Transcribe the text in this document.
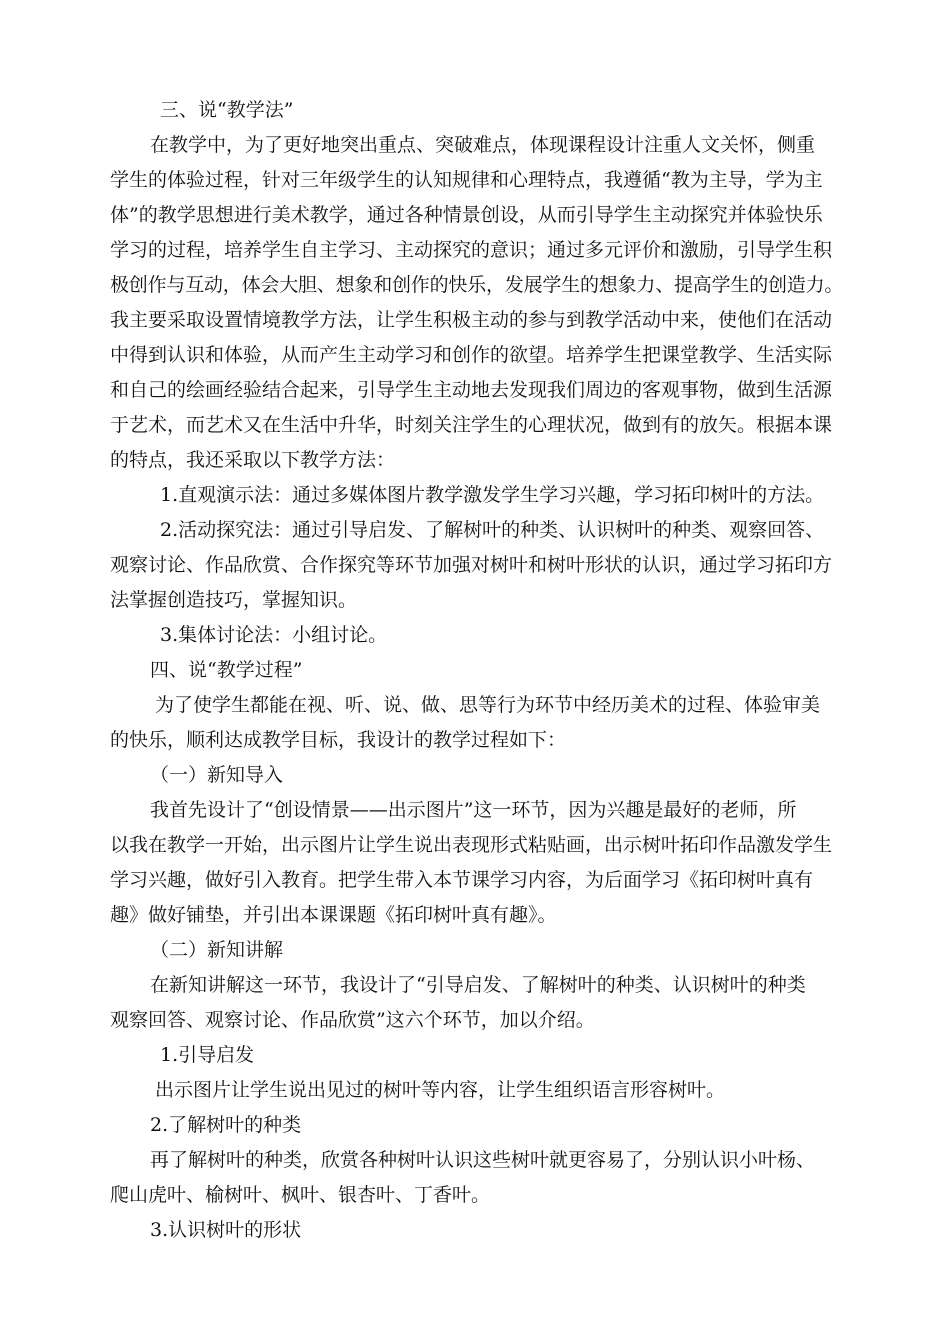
三、说“教学法”
在教学中，为了更好地突出重点、突破难点，体现课程设计注重人文关怀，侧重
学生的体验过程，针对三年级学生的认知规律和心理特点，我遵循“教为主导，学为主
体”的教学思想进行美术教学，通过各种情景创设，从而引导学生主动探究并体验快乐
学习的过程，培养学生自主学习、主动探究的意识；通过多元评价和激励，引导学生积
极创作与互动，体会大胆、想象和创作的快乐，发展学生的想象力、提高学生的创造力。
我主要采取设置情境教学方法，让学生积极主动的参与到教学活动中来，使他们在活动
中得到认识和体验，从而产生主动学习和创作的欲望。培养学生把课堂教学、生活实际
和自己的绘画经验结合起来，引导学生主动地去发现我们周边的客观事物，做到生活源
于艺术，而艺术又在生活中升华，时刻关注学生的心理状况，做到有的放矢。根据本课
的特点，我还采取以下教学方法：
1.直观演示法：通过多媒体图片教学激发学生学习兴趣，学习拓印树叶的方法。
2.活动探究法：通过引导启发、了解树叶的种类、认识树叶的种类、观察回答、
观察讨论、作品欣赏、合作探究等环节加强对树叶和树叶形状的认识，通过学习拓印方
法掌握创造技巧，掌握知识。
3.集体讨论法：小组讨论。
四、说“教学过程”
为了使学生都能在视、听、说、做、思等行为环节中经历美术的过程、体验审美
的快乐，顺利达成教学目标，我设计的教学过程如下：
（一）新知导入
我首先设计了“创设情景——出示图片”这一环节，因为兴趣是最好的老师，所
以我在教学一开始，出示图片让学生说出表现形式粘贴画，出示树叶拓印作品激发学生
学习兴趣，做好引入教育。把学生带入本节课学习内容，为后面学习《拓印树叶真有
趣》做好铺垫，并引出本课课题《拓印树叶真有趣》。
（二）新知讲解
在新知讲解这一环节，我设计了“引导启发、了解树叶的种类、认识树叶的种类
观察回答、观察讨论、作品欣赏”这六个环节，加以介绍。
1.引导启发
出示图片让学生说出见过的树叶等内容，让学生组织语言形容树叶。
2.了解树叶的种类
再了解树叶的种类，欣赏各种树叶认识这些树叶就更容易了，分别认识小叶杨、
爬山虎叶、榆树叶、枫叶、银杏叶、丁香叶。
3.认识树叶的形状
